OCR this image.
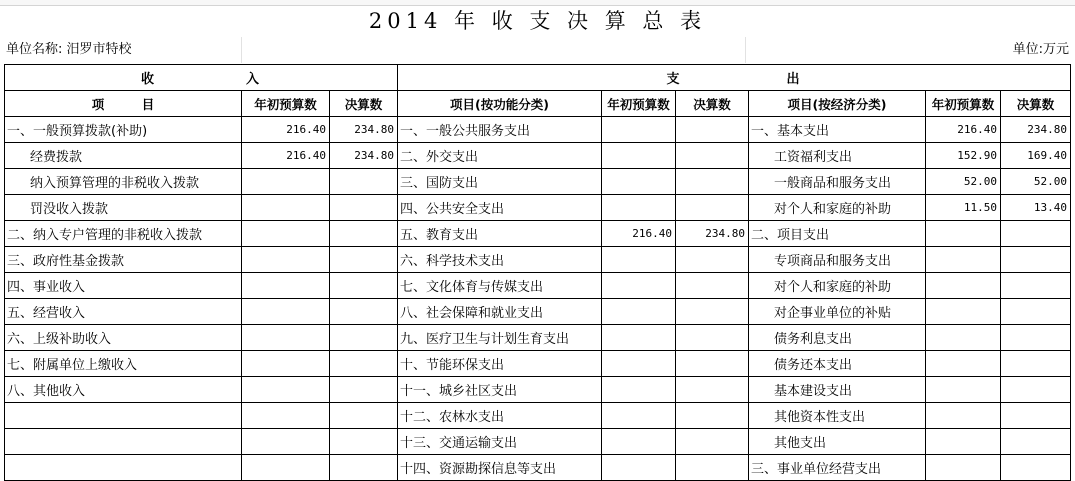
2014 年 收 支 决 算 总 表
单位名称: 汨罗市特校	单位:万元
收　　　　　　入			支　　　　　　　出					
项　　　目	年初预算数	决算数	项目(按功能分类)	年初预算数	决算数	项目(按经济分类)	年初预算数	决算数
一、一般预算拨款(补助)	216.40	234.80	一、一般公共服务支出			一、基本支出	216.40	234.80
经费拨款	216.40	234.80	二、外交支出			工资福利支出	152.90	169.40
纳入预算管理的非税收入拨款			三、国防支出			一般商品和服务支出	52.00	52.00
罚没收入拨款			四、公共安全支出			对个人和家庭的补助	11.50	13.40
二、纳入专户管理的非税收入拨款			五、教育支出	216.40	234.80	二、项目支出		
三、政府性基金拨款			六、科学技术支出			专项商品和服务支出		
四、事业收入			七、文化体育与传媒支出			对个人和家庭的补助		
五、经营收入			八、社会保障和就业支出			对企事业单位的补贴		
六、上级补助收入			九、医疗卫生与计划生育支出			债务利息支出		
七、附属单位上缴收入			十、节能环保支出			债务还本支出		
八、其他收入			十一、城乡社区支出			基本建设支出		
			十二、农林水支出			其他资本性支出		
			十三、交通运输支出			其他支出		
			十四、资源勘探信息等支出			三、事业单位经营支出		
